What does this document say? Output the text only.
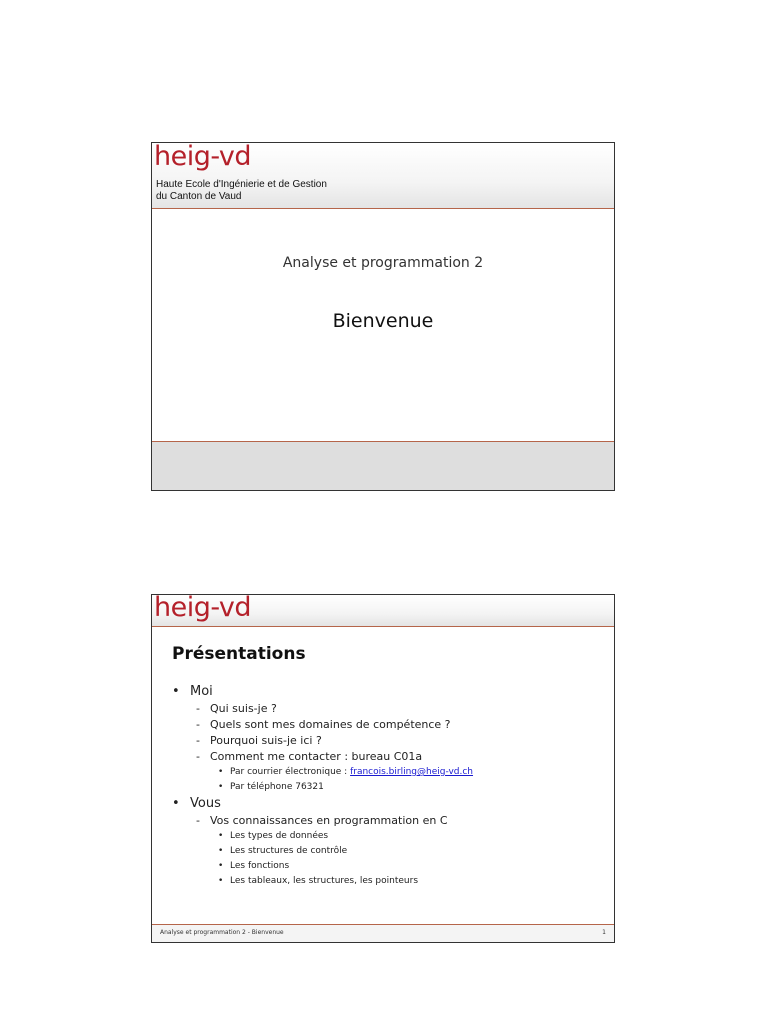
heig-vd
Haute Ecole d'Ingénierie et de Gestion
du Canton de Vaud
Analyse et programmation 2
Bienvenue
heig-vd
Présentations
• Moi
- Qui suis-je ?
- Quels sont mes domaines de compétence ?
- Pourquoi suis-je ici ?
- Comment me contacter : bureau C01a
• Par courrier électronique : francois.birling@heig-vd.ch
• Par téléphone 76321
• Vous
- Vos connaissances en programmation en C
• Les types de données
• Les structures de contrôle
• Les fonctions
• Les tableaux, les structures, les pointeurs
Analyse et programmation 2 - Bienvenue	1
